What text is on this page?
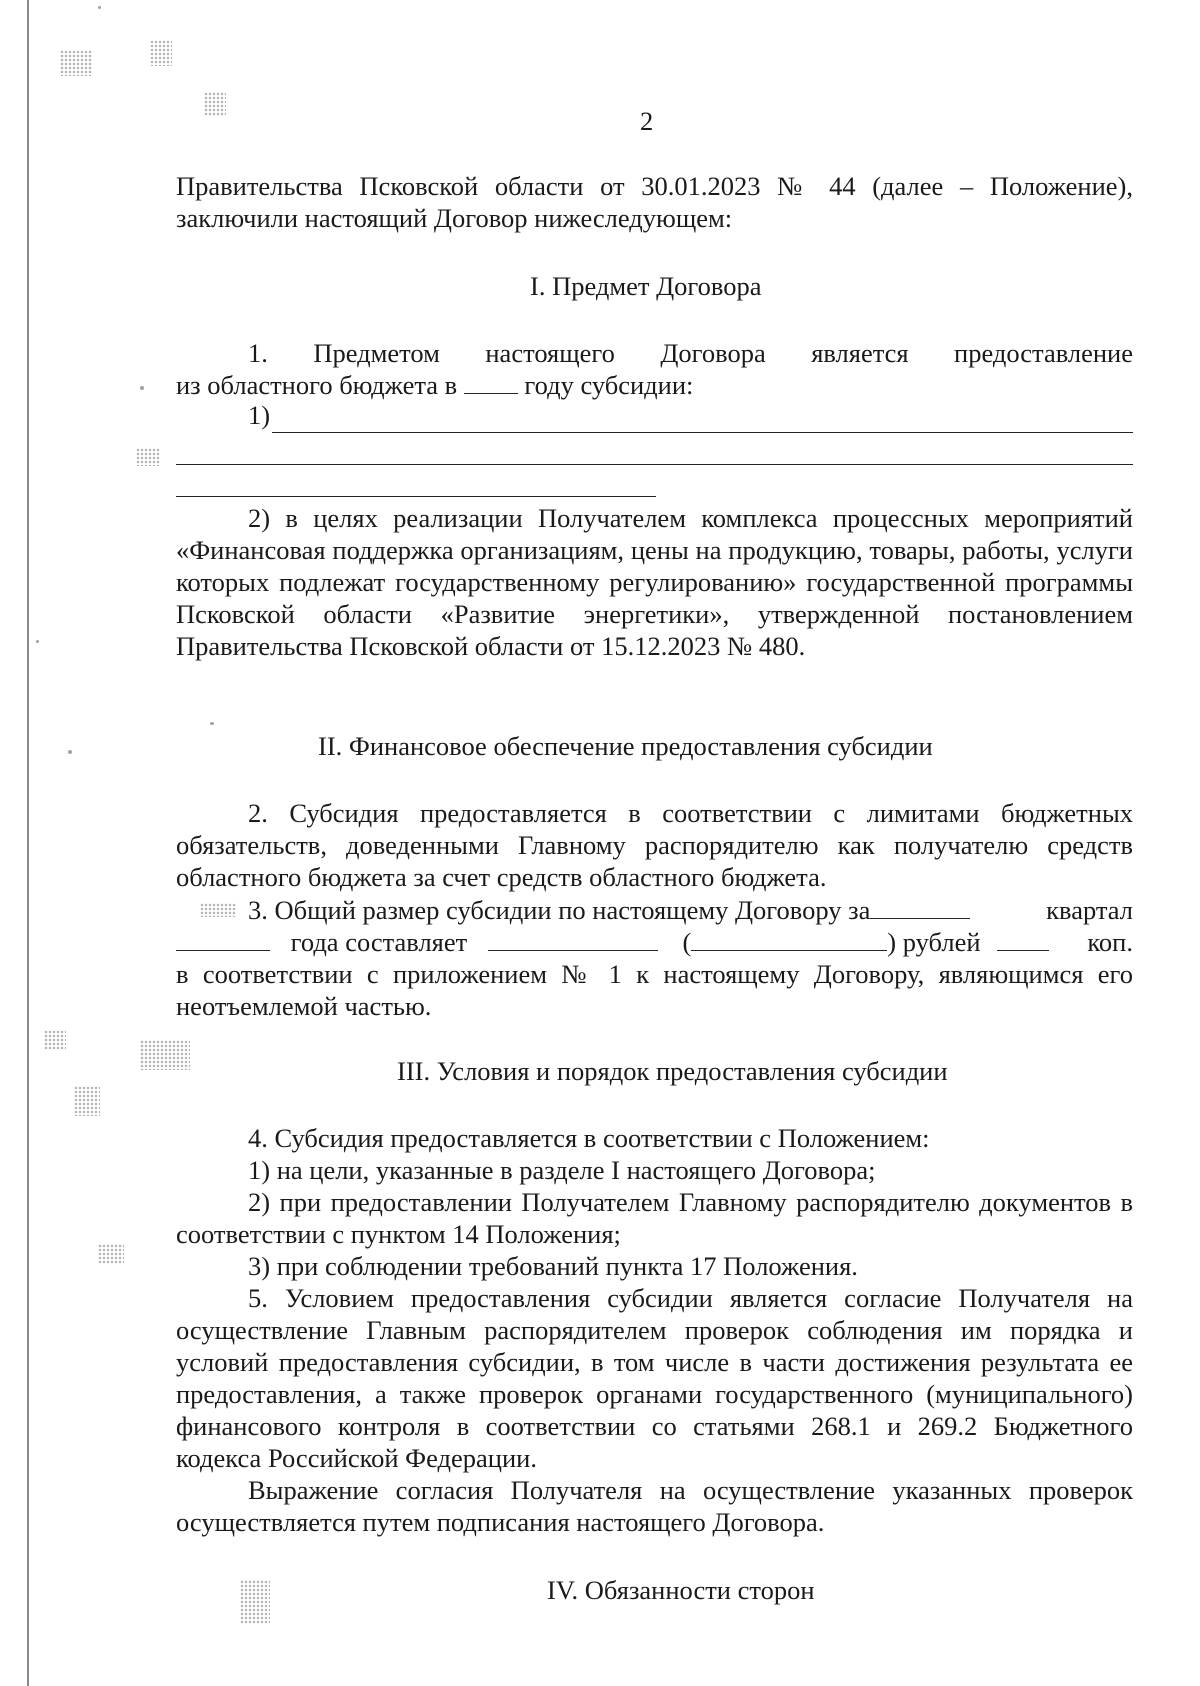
2

Правительства Псковской области от 30.01.2023 № 44 (далее – Положение),

заключили настоящий Договор нижеследующем:

I. Предмет Договора

1. Предметом настоящего Договора является предоставление

из областного бюджета в	году субсидии:

1)

2) в целях реализации Получателем комплекса процессных мероприятий «Финансовая поддержка организациям, цены на продукцию, товары, работы, услуги которых подлежат государственному регулированию» государственной программы Псковской области «Развитие энергетики», утвержденной постановлением Правительства Псковской области от 15.12.2023 № 480.

II. Финансовое обеспечение предоставления субсидии

2. Субсидия предоставляется в соответствии с лимитами бюджетных обязательств, доведенными Главному распорядителю как получателю средств областного бюджета за счет средств областного бюджета.

3. Общий размер субсидии по настоящему Договору за	квартал

года составляет	(	) рублей	коп.

в соответствии с приложением № 1 к настоящему Договору, являющимся его неотъемлемой частью.

III. Условия и порядок предоставления субсидии

4. Субсидия предоставляется в соответствии с Положением:

1) на цели, указанные в разделе I настоящего Договора;

2) при предоставлении Получателем Главному распорядителю документов в соответствии с пунктом 14 Положения;

3) при соблюдении требований пункта 17 Положения.

5. Условием предоставления субсидии является согласие Получателя на осуществление Главным распорядителем проверок соблюдения им порядка и условий предоставления субсидии, в том числе в части достижения результата ее предоставления, а также проверок органами государственного (муниципального) финансового контроля в соответствии со статьями 268.1 и 269.2 Бюджетного кодекса Российской Федерации.

Выражение согласия Получателя на осуществление указанных проверок осуществляется путем подписания настоящего Договора.

IV. Обязанности сторон
